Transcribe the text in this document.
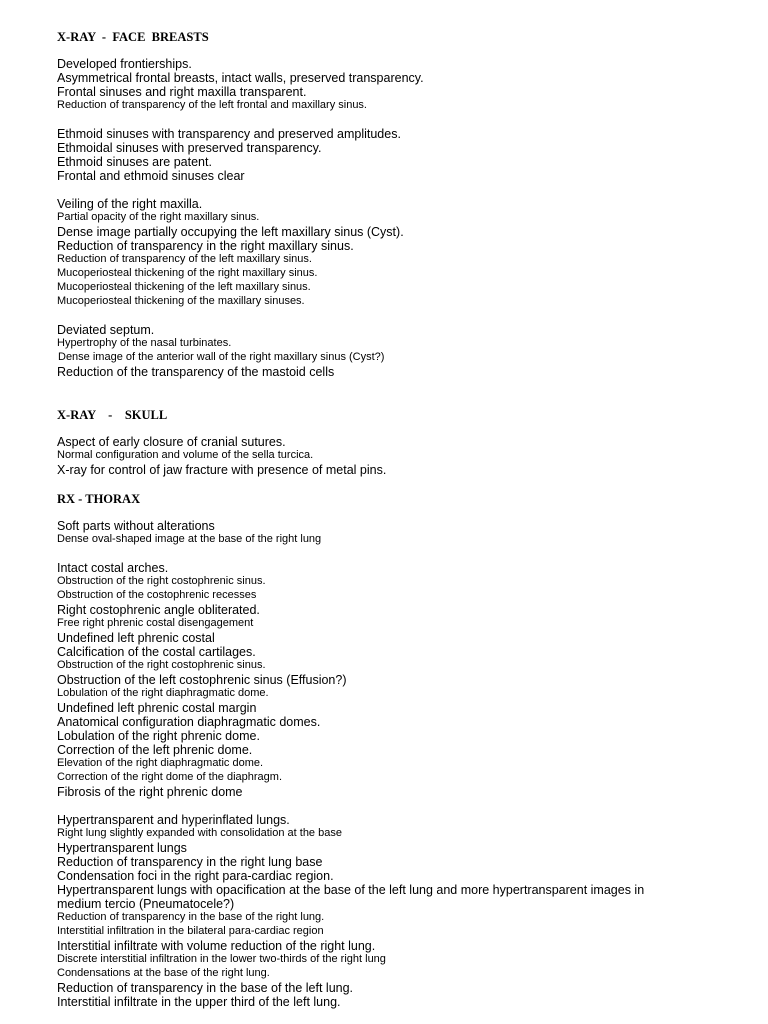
X-RAY  -  FACE  BREASTS
Developed frontierships.
Asymmetrical frontal breasts, intact walls, preserved transparency.
Frontal sinuses and right maxilla transparent.
Reduction of transparency of the left frontal and maxillary sinus.
Ethmoid sinuses with transparency and preserved amplitudes.
Ethmoidal sinuses with preserved transparency.
Ethmoid sinuses are patent.
Frontal and ethmoid sinuses clear
Veiling of the right maxilla.
Partial opacity of the right maxillary sinus.
Dense image partially occupying the left maxillary sinus (Cyst).
Reduction of transparency in the right maxillary sinus.
Reduction of transparency of the left maxillary sinus.
Mucoperiosteal thickening of the right maxillary sinus.
Mucoperiosteal thickening of the left maxillary sinus.
Mucoperiosteal thickening of the maxillary sinuses.
Deviated septum.
Hypertrophy of the nasal turbinates.
Dense image of the anterior wall of the right maxillary sinus (Cyst?)
Reduction of the transparency of the mastoid cells
X-RAY    -    SKULL
Aspect of early closure of cranial sutures.
Normal configuration and volume of the sella turcica.
X-ray for control of jaw fracture with presence of metal pins.
RX - THORAX
Soft parts without alterations
Dense oval-shaped image at the base of the right lung
Intact costal arches.
Obstruction of the right costophrenic sinus.
Obstruction of the costophrenic recesses
Right costophrenic angle obliterated.
Free right phrenic costal disengagement
Undefined left phrenic costal
Calcification of the costal cartilages.
Obstruction of the right costophrenic sinus.
Obstruction of the left costophrenic sinus (Effusion?)
Lobulation of the right diaphragmatic dome.
Undefined left phrenic costal margin
Anatomical configuration diaphragmatic domes.
Lobulation of the right phrenic dome.
Correction of the left phrenic dome.
Elevation of the right diaphragmatic dome.
Correction of the right dome of the diaphragm.
Fibrosis of the right phrenic dome
Hypertransparent and hyperinflated lungs.
Right lung slightly expanded with consolidation at the base
Hypertransparent lungs
Reduction of transparency in the right lung base
Condensation foci in the right para-cardiac region.
Hypertransparent lungs with opacification at the base of the left lung and more hypertransparent images in medium tercio (Pneumatocele?)
Reduction of transparency in the base of the right lung.
Interstitial infiltration in the bilateral para-cardiac region
Interstitial infiltrate with volume reduction of the right lung.
Discrete interstitial infiltration in the lower two-thirds of the right lung
Condensations at the base of the right lung.
Reduction of transparency in the base of the left lung.
Interstitial infiltrate in the upper third of the left lung.
